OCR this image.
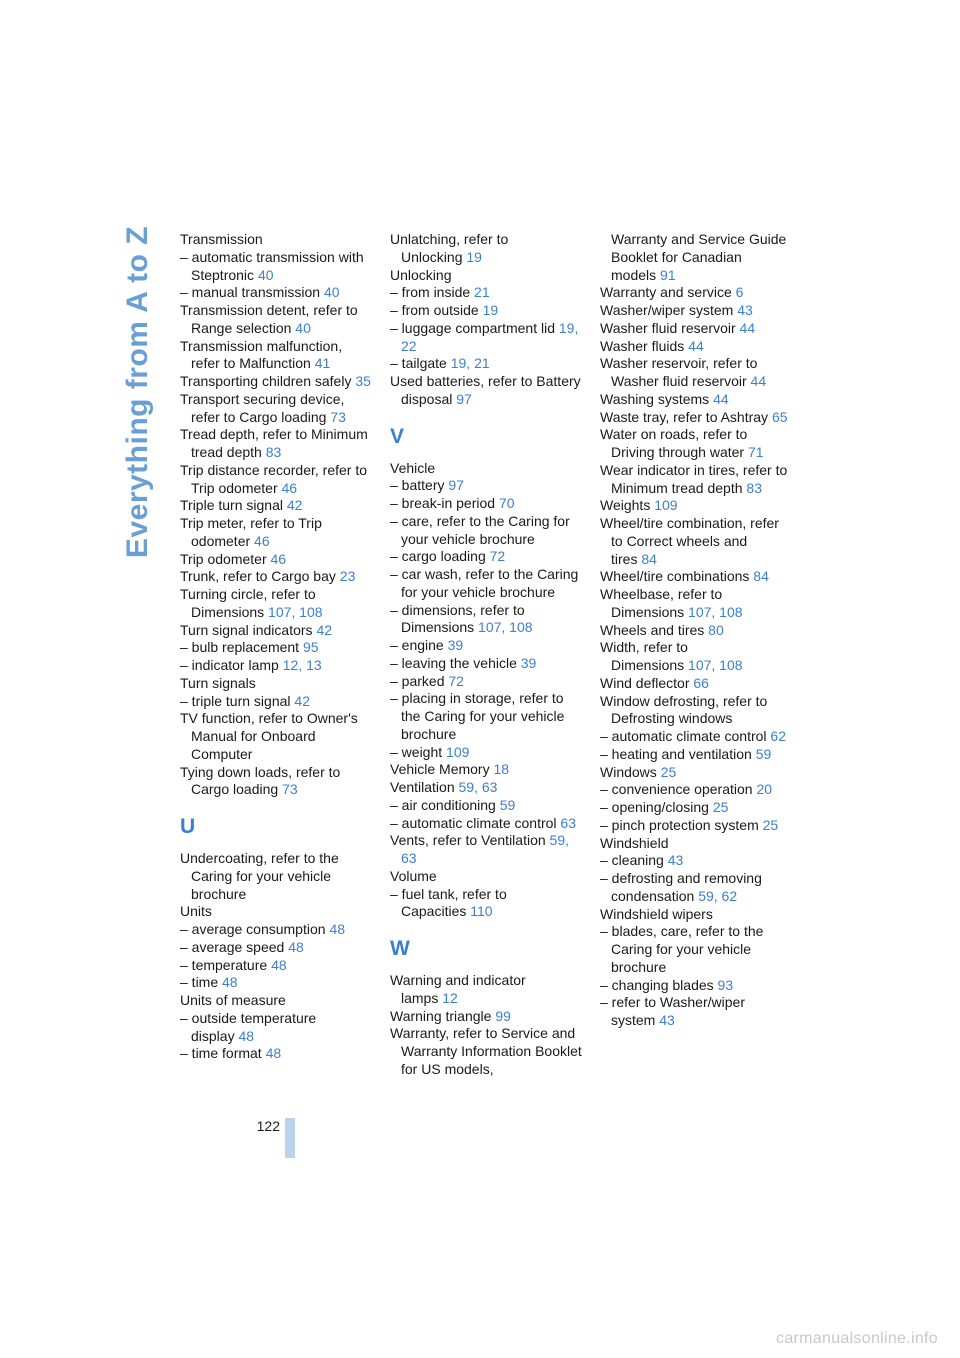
Everything from A to Z Transmission
– automatic transmission with Steptronic 40
– manual transmission 40
Transmission detent, refer to Range selection 40
Transmission malfunction, refer to Malfunction 41
Transporting children safely 35
Transport securing device, refer to Cargo loading 73
Tread depth, refer to Minimum tread depth 83
Trip distance recorder, refer to Trip odometer 46
Triple turn signal 42
Trip meter, refer to Trip odometer 46
Trip odometer 46
Trunk, refer to Cargo bay 23
Turning circle, refer to Dimensions 107, 108
Turn signal indicators 42
– bulb replacement 95
– indicator lamp 12, 13
Turn signals
– triple turn signal 42
TV function, refer to Owner's Manual for Onboard Computer
Tying down loads, refer to Cargo loading 73
U
Undercoating, refer to the Caring for your vehicle brochure
Units
– average consumption 48
– average speed 48
– temperature 48
– time 48
Units of measure
– outside temperature display 48
– time format 48
Unlatching, refer to Unlocking 19
Unlocking
– from inside 21
– from outside 19
– luggage compartment lid 19, 22
– tailgate 19, 21
Used batteries, refer to Battery disposal 97
V
Vehicle
– battery 97
– break-in period 70
– care, refer to the Caring for your vehicle brochure
– cargo loading 72
– car wash, refer to the Caring for your vehicle brochure
– dimensions, refer to Dimensions 107, 108
– engine 39
– leaving the vehicle 39
– parked 72
– placing in storage, refer to the Caring for your vehicle brochure
– weight 109
Vehicle Memory 18
Ventilation 59, 63
– air conditioning 59
– automatic climate control 63
Vents, refer to Ventilation 59, 63
Volume
– fuel tank, refer to Capacities 110
W
Warning and indicator lamps 12
Warning triangle 99
Warranty, refer to Service and Warranty Information Booklet for US models,
Warranty and Service Guide Booklet for Canadian models 91
Warranty and service 6
Washer/wiper system 43
Washer fluid reservoir 44
Washer fluids 44
Washer reservoir, refer to Washer fluid reservoir 44
Washing systems 44
Waste tray, refer to Ashtray 65
Water on roads, refer to Driving through water 71
Wear indicator in tires, refer to Minimum tread depth 83
Weights 109
Wheel/tire combination, refer to Correct wheels and tires 84
Wheel/tire combinations 84
Wheelbase, refer to Dimensions 107, 108
Wheels and tires 80
Width, refer to Dimensions 107, 108
Wind deflector 66
Window defrosting, refer to Defrosting windows
– automatic climate control 62
– heating and ventilation 59
Windows 25
– convenience operation 20
– opening/closing 25
– pinch protection system 25
Windshield
– cleaning 43
– defrosting and removing condensation 59, 62
Windshield wipers
– blades, care, refer to the Caring for your vehicle brochure
– changing blades 93
– refer to Washer/wiper system 43
122
carmanualsonline.info
